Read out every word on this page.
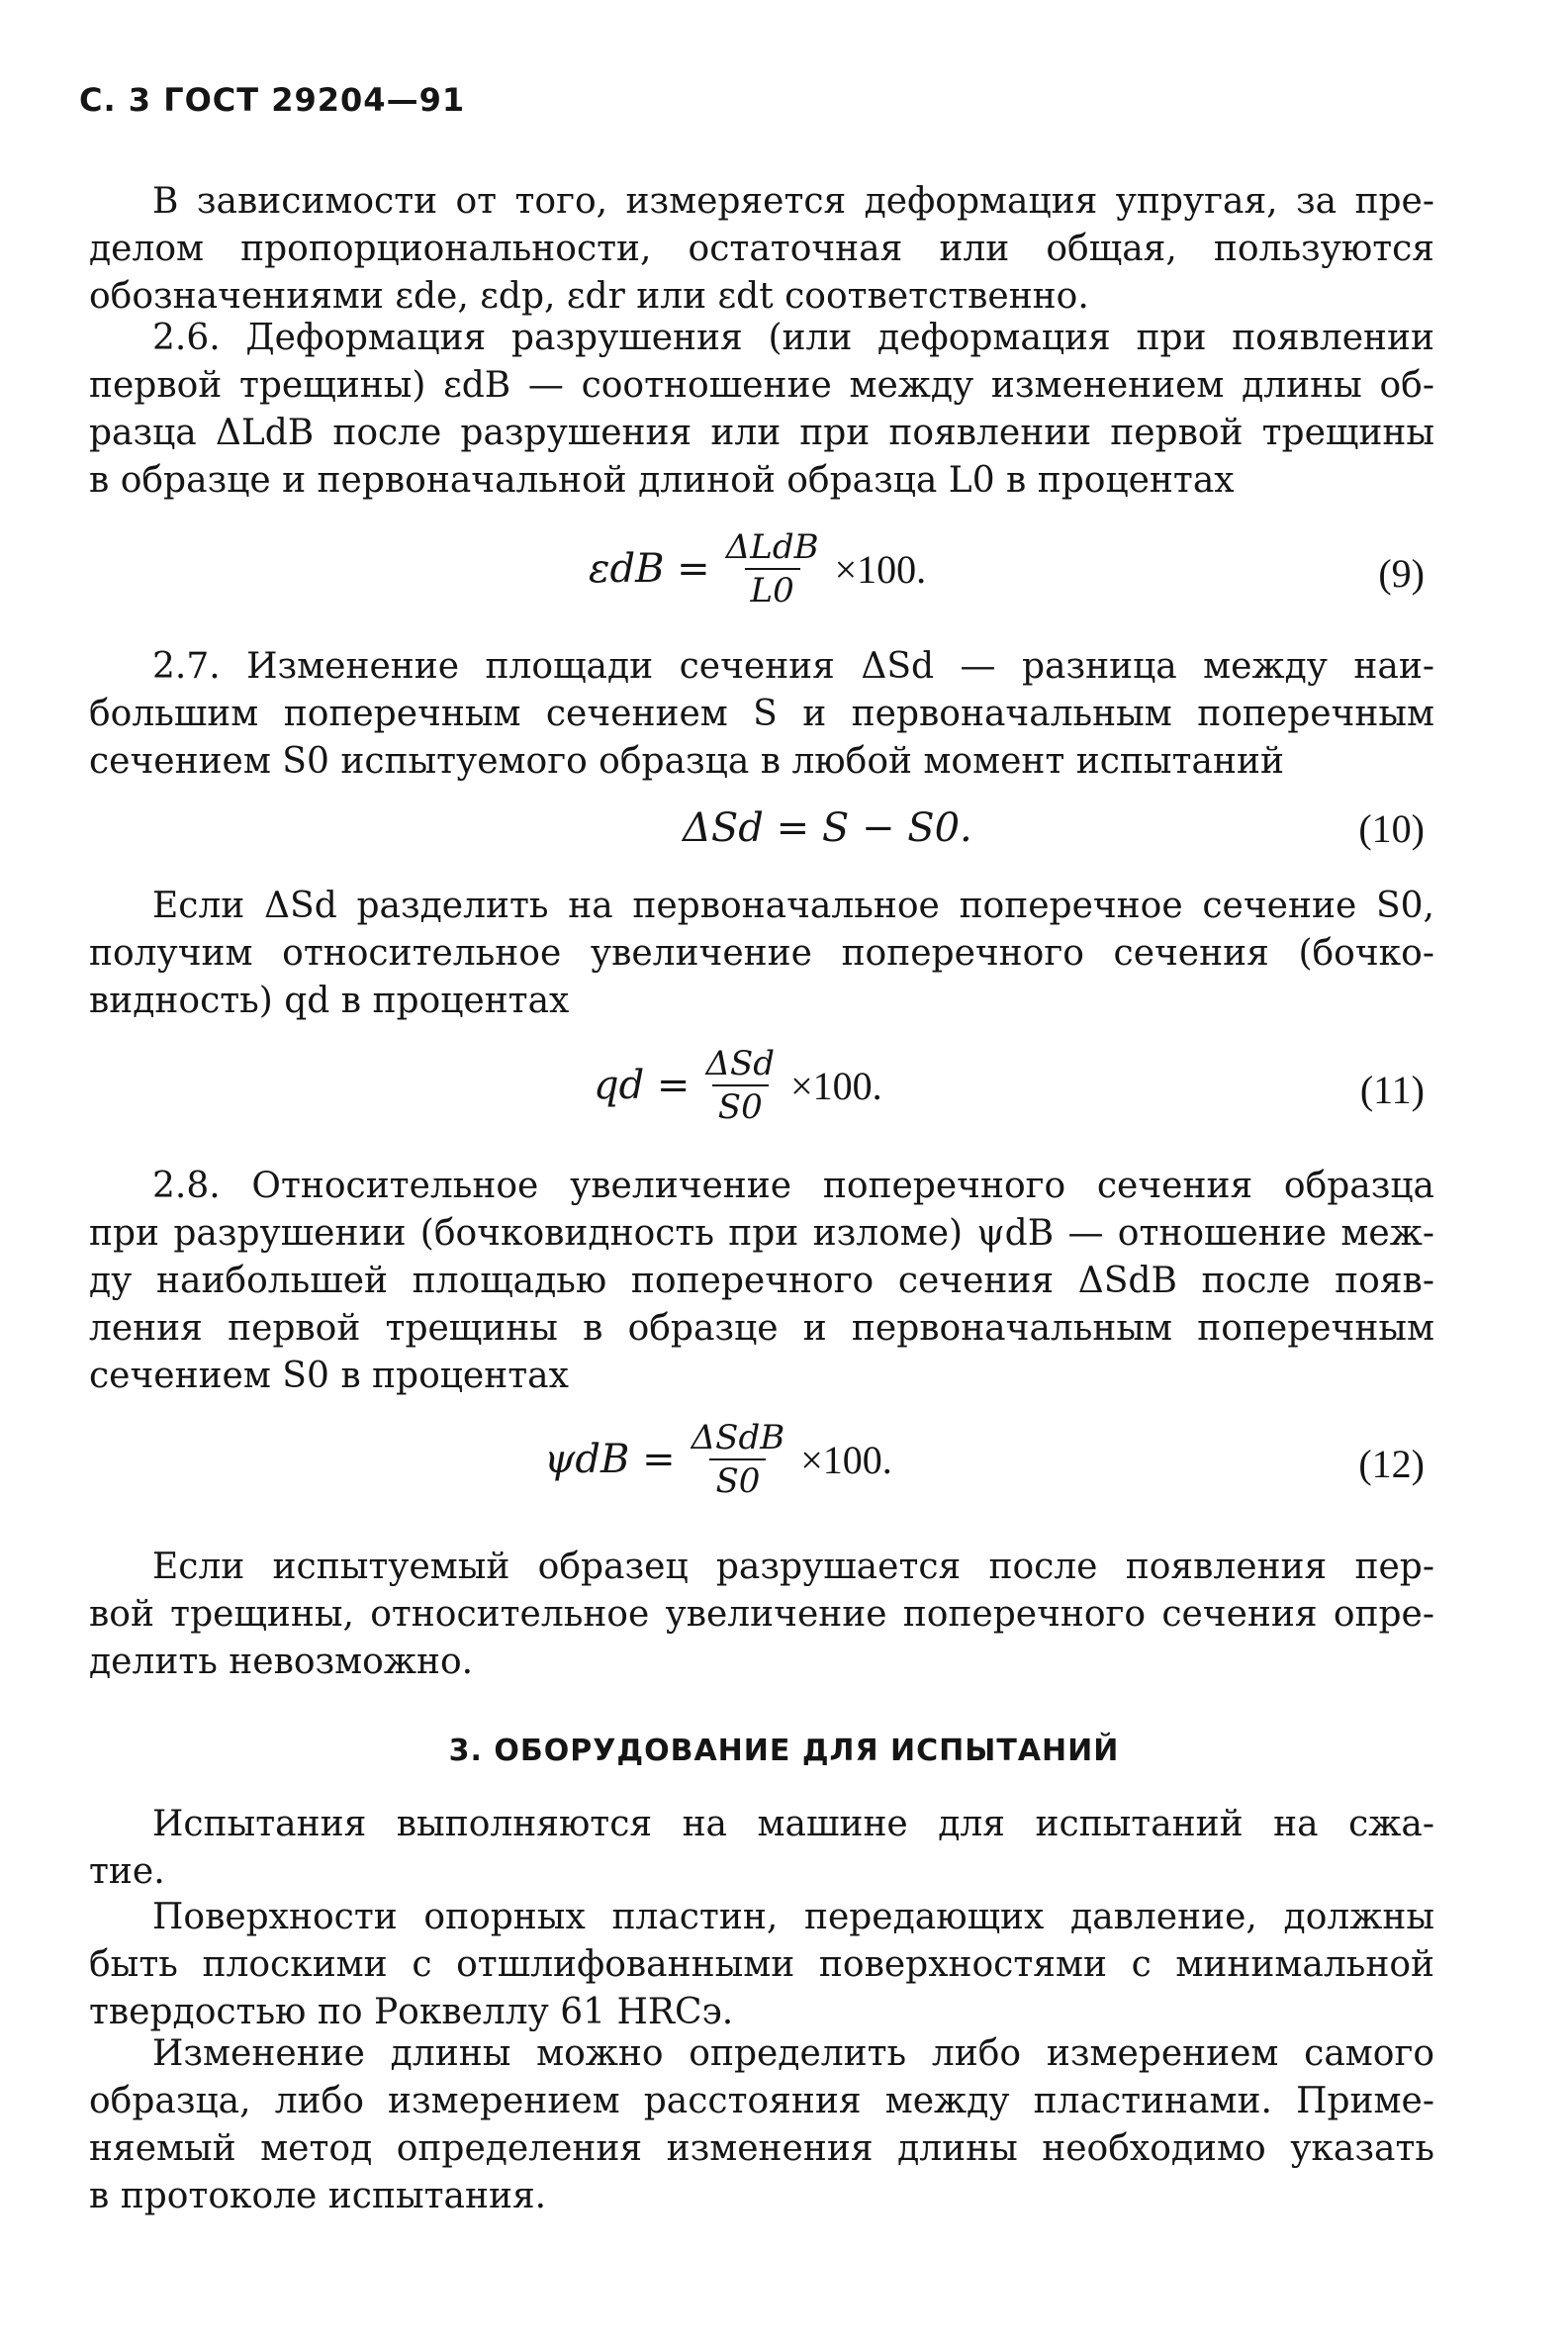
С. 3 ГОСТ 29204—91
В зависимости от того, измеряется деформация упругая, за пре-
делом пропорциональности, остаточная или общая, пользуются
обозначениями εde, εdp, εdr или εdt соответственно.
2.6. Деформация разрушения (или деформация при появлении
первой трещины) εdB — соотношение между изменением длины об-
разца ΔLdB после разрушения или при появлении первой трещины
в образце и первоначальной длиной образца L0 в процентах
$\varepsilon dB = \frac{\text{ΔLdB}}{L0} \times 100$.	(9)
2.7. Изменение площади сечения ΔSd — разница между наи-
большим поперечным сечением S и первоначальным поперечным
сечением S0 испытуемого образца в любой момент испытаний
ΔSd = S − S0.	(10)
Если ΔSd разделить на первоначальное поперечное сечение S0,
получим относительное увеличение поперечного сечения (бочко-
видность) qd в процентах
qd = $\frac{\text{ΔSd}}{S0} \times 100$.	(11)
2.8. Относительное увеличение поперечного сечения образца
при разрушении (бочковидность при изломе) ψdB — отношение меж-
ду наибольшей площадью поперечного сечения ΔSdB после появ-
ления первой трещины в образце и первоначальным поперечным
сечением S0 в процентах
$\psi dB = \frac{\text{ΔSdB}}{S0} \times 100$.	(12)
Если испытуемый образец разрушается после появления пер-
вой трещины, относительное увеличение поперечного сечения опре-
делить невозможно.
3. ОБОРУДОВАНИЕ ДЛЯ ИСПЫТАНИЙ
Испытания выполняются на машине для испытаний на сжа-
тие.
Поверхности опорных пластин, передающих давление, должны
быть плоскими с отшлифованными поверхностями с минимальной
твердостью по Роквеллу 61 HRCэ.
Изменение длины можно определить либо измерением самого
образца, либо измерением расстояния между пластинами. Приме-
няемый метод определения изменения длины необходимо указать
в протоколе испытания.
